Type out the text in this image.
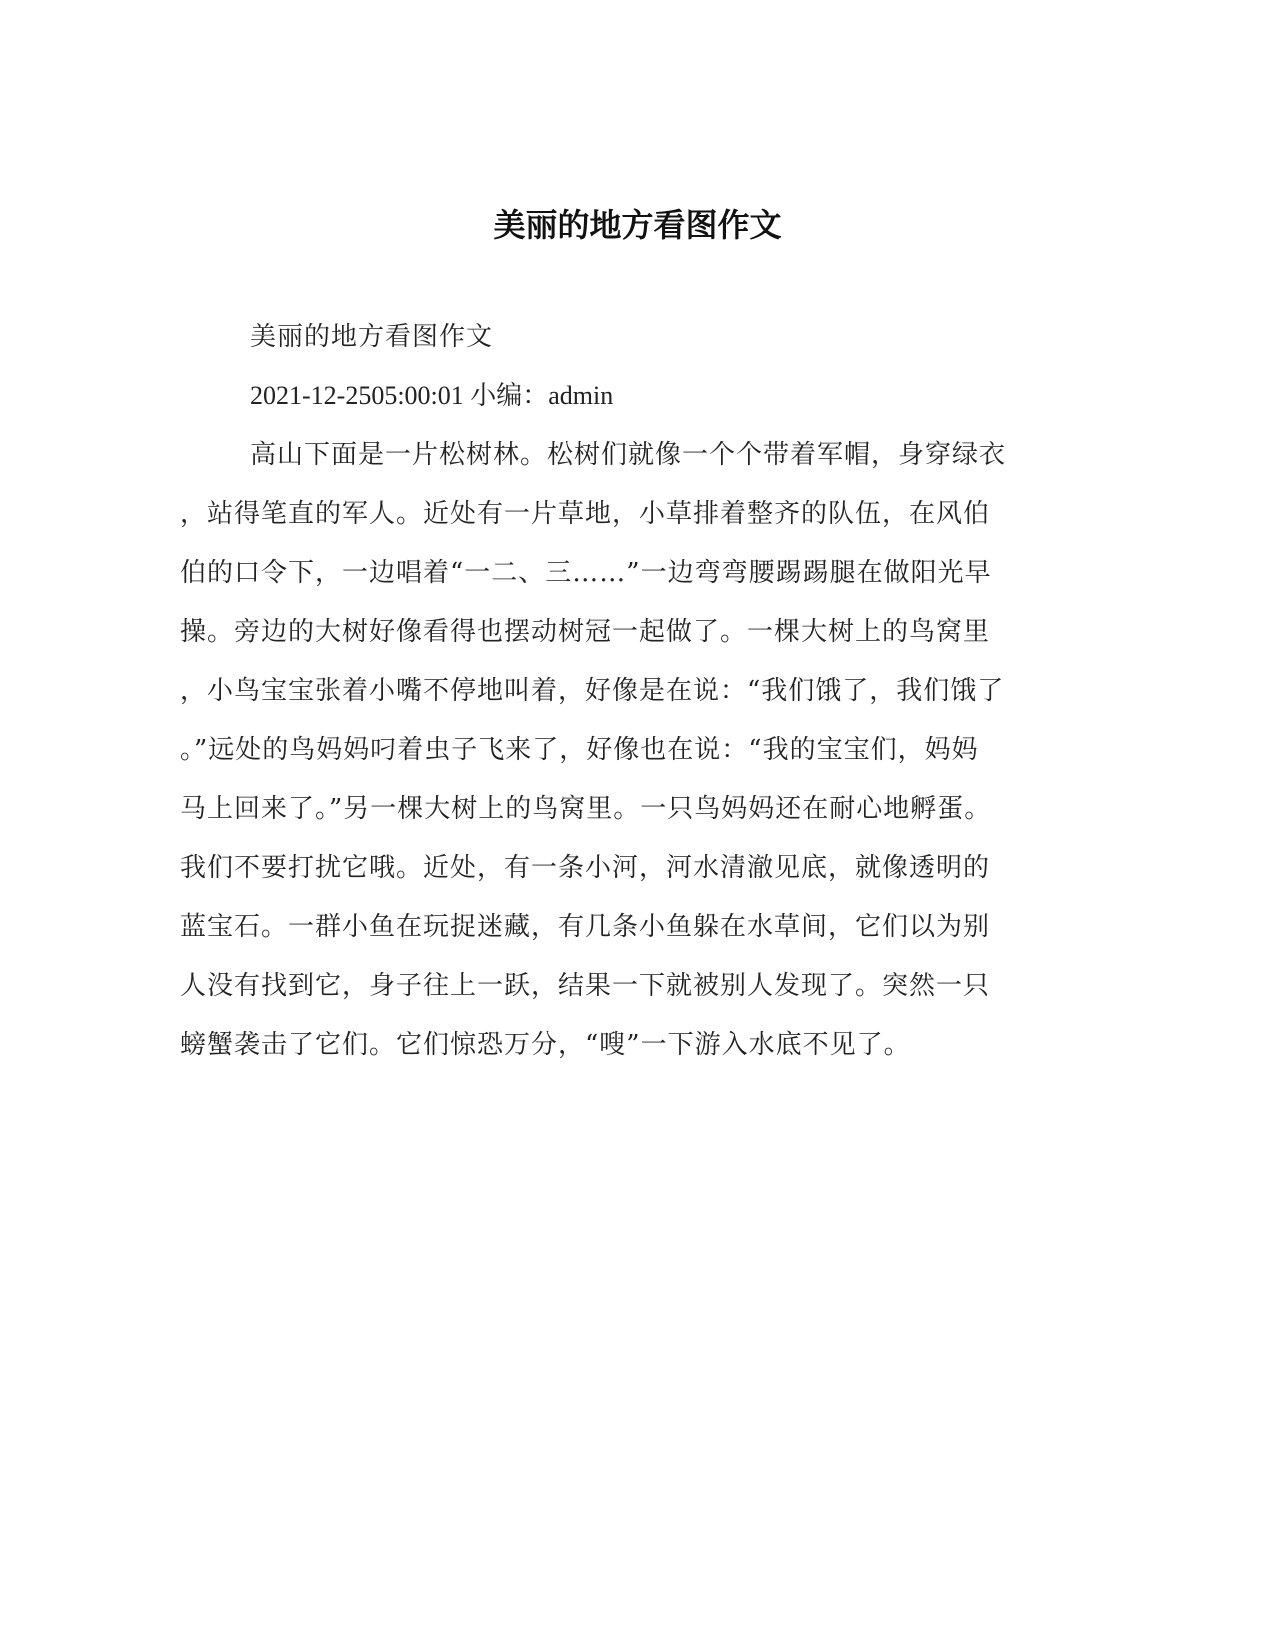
美丽的地方看图作文

美丽的地方看图作文

2021-12-2505:00:01 小编：admin

高山下面是一片松树林。松树们就像一个个带着军帽，身穿绿衣

，站得笔直的军人。近处有一片草地，小草排着整齐的队伍，在风伯

伯的口令下，一边唱着“一二、三……”一边弯弯腰踢踢腿在做阳光早

操。旁边的大树好像看得也摆动树冠一起做了。一棵大树上的鸟窝里

，小鸟宝宝张着小嘴不停地叫着，好像是在说：“我们饿了，我们饿了

。”远处的鸟妈妈叼着虫子飞来了，好像也在说：“我的宝宝们，妈妈

马上回来了。”另一棵大树上的鸟窝里。一只鸟妈妈还在耐心地孵蛋。

我们不要打扰它哦。近处，有一条小河，河水清澈见底，就像透明的

蓝宝石。一群小鱼在玩捉迷藏，有几条小鱼躲在水草间，它们以为别

人没有找到它，身子往上一跃，结果一下就被别人发现了。突然一只

螃蟹袭击了它们。它们惊恐万分，“嗖”一下游入水底不见了。
